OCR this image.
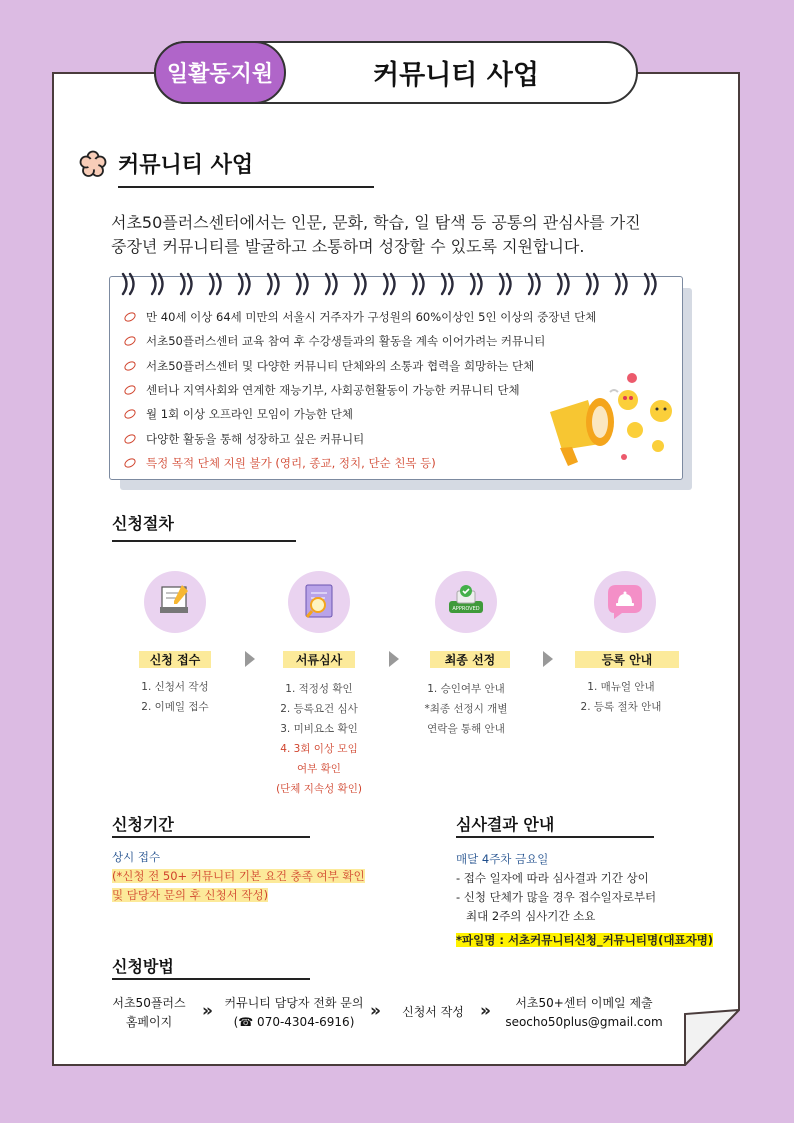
일활동지원	커뮤니티 사업
커뮤니티 사업
서초50플러스센터에서는 인문, 문화, 학습, 일 탐색 등 공통의 관심사를 가진
중장년 커뮤니티를 발굴하고 소통하며 성장할 수 있도록 지원합니다.
만 40세 이상 64세 미만의 서울시 거주자가 구성원의 60%이상인 5인 이상의 중장년 단체
서초50플러스센터 교육 참여 후 수강생들과의 활동을 계속 이어가려는 커뮤니티
서초50플러스센터 및 다양한 커뮤니티 단체와의 소통과 협력을 희망하는 단체
센터나 지역사회와 연계한 재능기부, 사회공헌활동이 가능한 커뮤니티 단체
월 1회 이상 오프라인 모임이 가능한 단체
다양한 활동을 통해 성장하고 싶은 커뮤니티
특정 목적 단체 지원 불가 (영리, 종교, 정치, 단순 친목 등)
신청절차
신청 접수
1. 신청서 작성
2. 이메일 접수
서류심사
1. 적정성 확인
2. 등록요건 심사
3. 미비요소 확인
4. 3회 이상 모임
여부 확인
(단체 지속성 확인)
APPROVED
최종 선정
1. 승인여부 안내
*최종 선정시 개별
연락을 통해 안내
등록 안내
1. 매뉴얼 안내
2. 등록 절차 안내
신청기간
상시 접수
(*신청 전 50+ 커뮤니티 기본 요건 충족 여부 확인
및 담당자 문의 후 신청서 작성)
심사결과 안내
매달 4주차 금요일
- 접수 일자에 따라 심사결과 기간 상이
- 신청 단체가 많을 경우 접수일자로부터
최대 2주의 심사기간 소요
*파일명 : 서초커뮤니티신청_커뮤니티명(대표자명)
신청방법
서초50플러스
홈페이지
» 커뮤니티 담당자 전화 문의
(☎ 070-4304-6916)
»	신청서 작성 »	서초50+센터 이메일 제출
seocho50plus@gmail.com
